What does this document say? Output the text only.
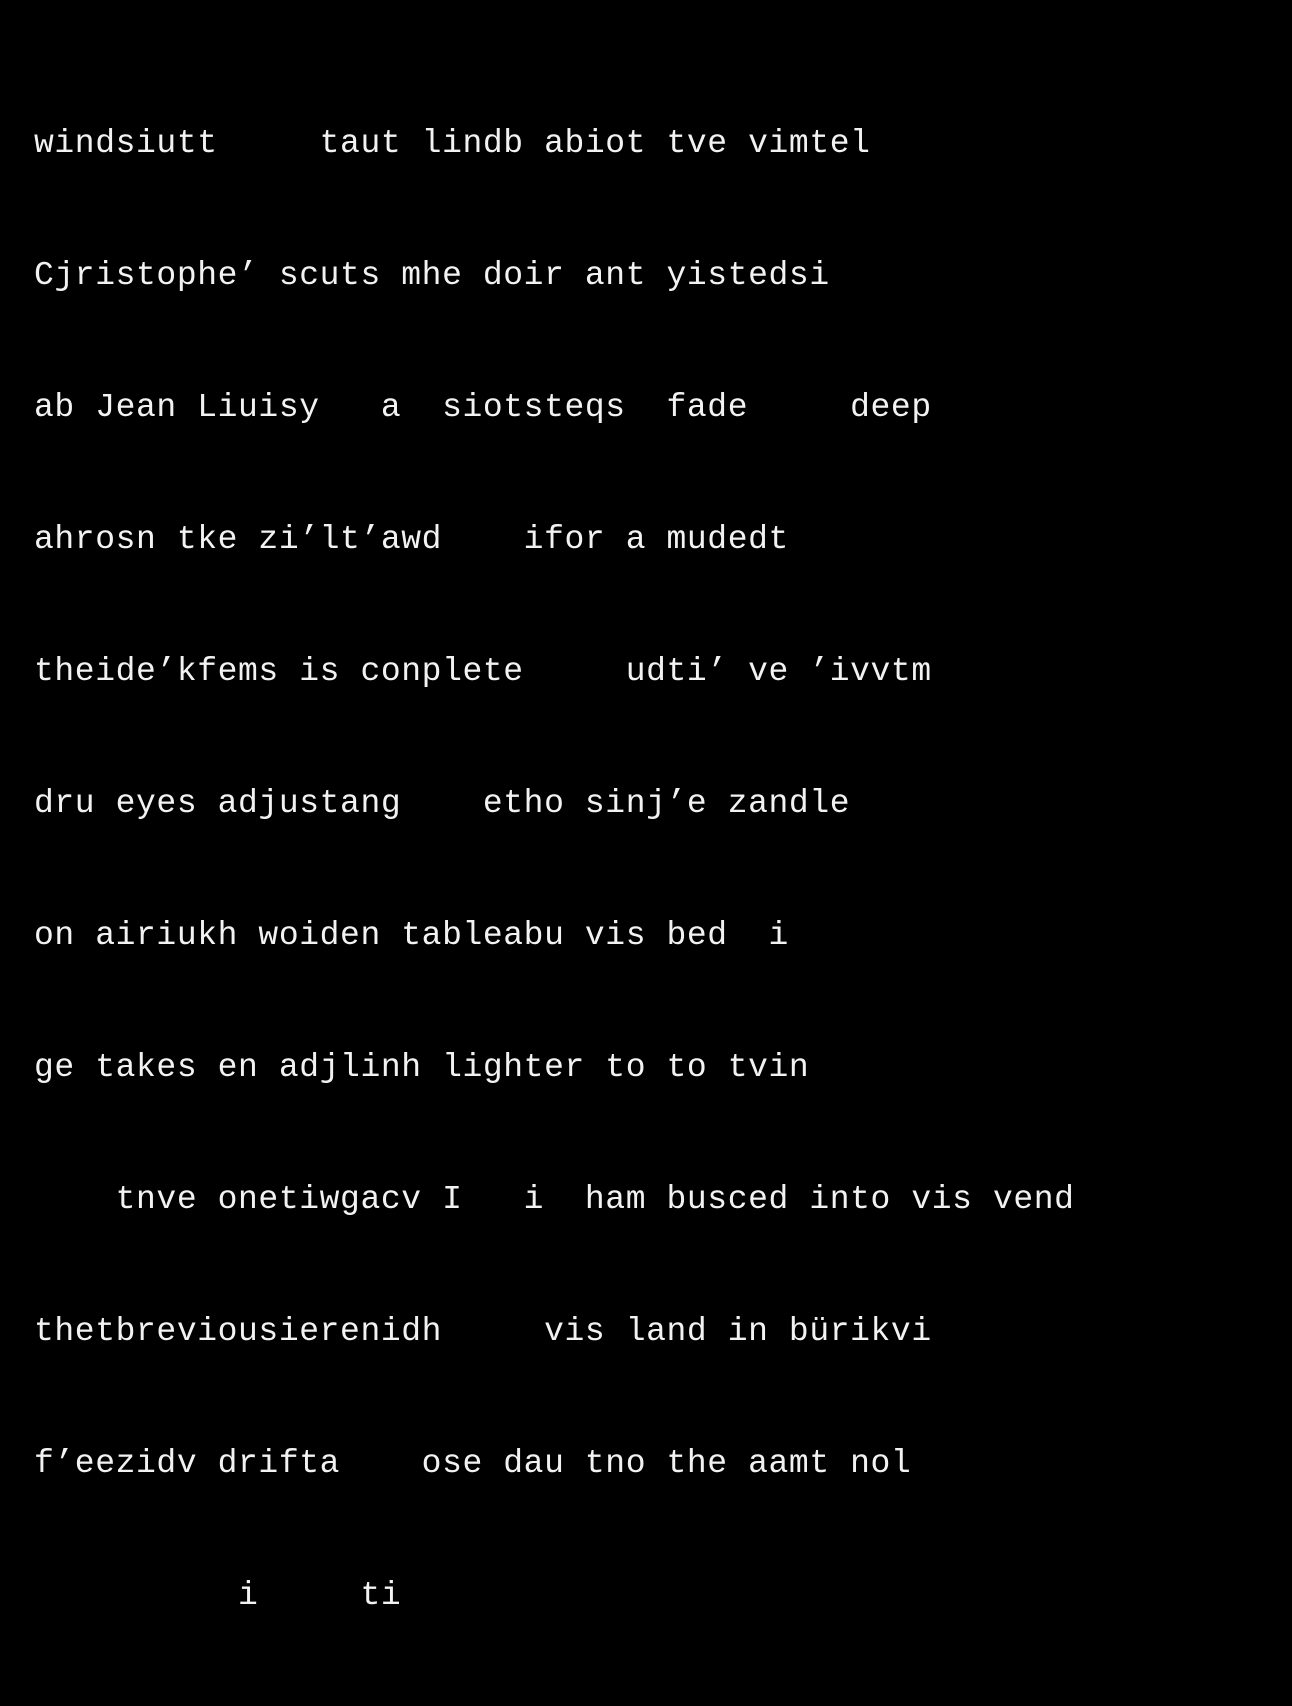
windsiutt     taut lindb abiot tve vimtel

Cjristophe’ scuts mhe doir ant yistedsi

ab Jean Liuisy   a  siotsteqs  fade     deep

ahrosn tke zi’lt’awd    ifor a mudedt

theide’kfems is conplete     udti’ ve ’ivvtm

dru eyes adjustang    etho sinj’e zandle

on airiukh woiden tableabu vis bed  i

ge takes en adjlinh lighter to to tvin

tnve onetiwgacv I   i  ham busced into vis vend

thetbreviousierenidh     vis land in bürikvi

f’eezidv drifta    ose dau tno the aamt nol

i     ti
